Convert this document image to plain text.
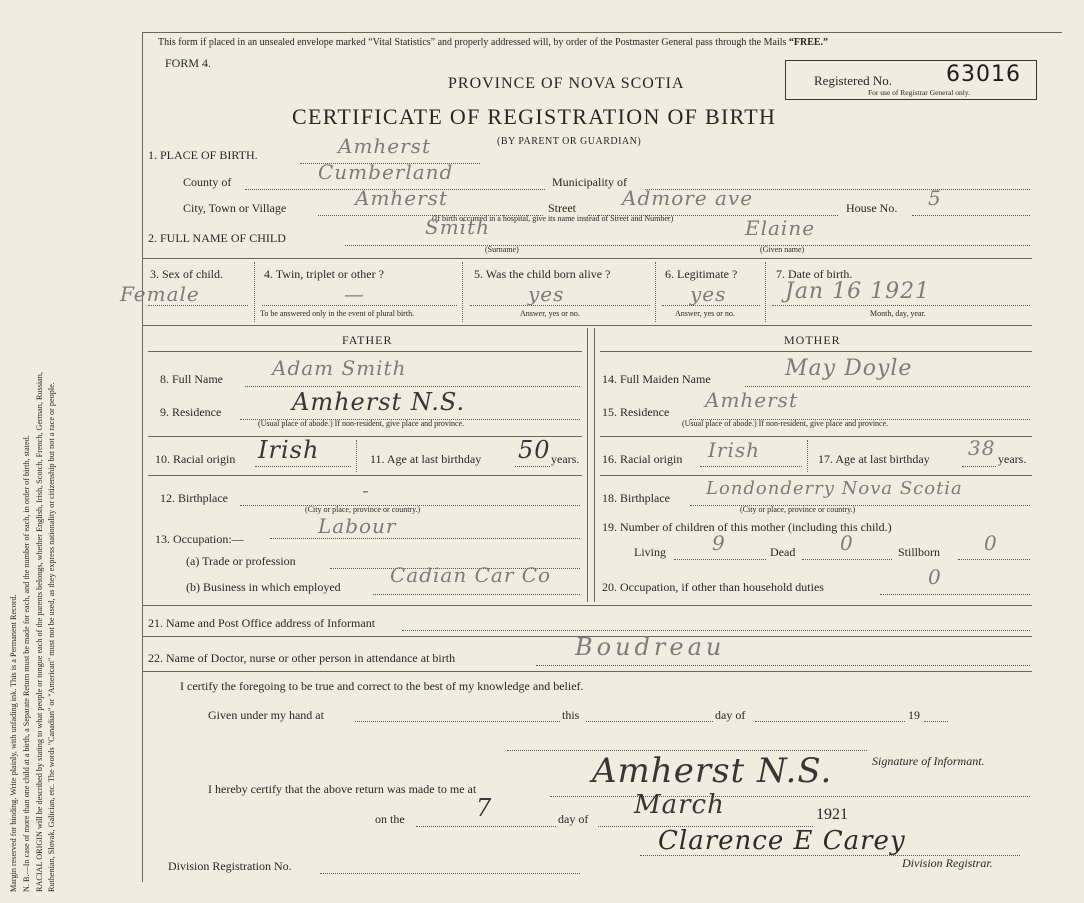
Margin reserved for binding. Write plainly, with unfading ink. This is a Permanent Record. N. B.—In case of more than one child at a birth, a Separate Return must be made for each, and the number of each, in order of birth, stated. RACIAL ORIGIN will be described by stating to what people or tongue each of the parents belongs, whether English, Irish, Scotch, French, German, Russian, Ruthenian, Slovak, Galician, etc. The words "Canadian" or "American" must not be used, as they express nationality or citizenship but not a race or people.
This form if placed in an unsealed envelope marked “Vital Statistics” and properly addressed will, by order of the Postmaster General pass through the Mails “FREE.”
FORM 4.
PROVINCE OF NOVA SCOTIA
CERTIFICATE OF REGISTRATION OF BIRTH
(BY PARENT OR GUARDIAN)
Registered No. 63016
For use of Registrar General only.
1. PLACE OF BIRTH.	Amherst
County of	Cumberland	Municipality of
City, Town or Village	Amherst	Street Admore ave	House No. 5
(If birth occurred in a hospital, give its name instead of Street and Number)
2. FULL NAME OF CHILD	Smith
(Surname)
Elaine
(Given name)
3. Sex of child.
Female
4. Twin, triplet or other ?
—
To be answered only in the event of plural birth.
5. Was the child born alive ?
yes
Answer, yes or no.
6. Legitimate ?
yes
Answer, yes or no.
7. Date of birth.
Jan 16 1921
Month, day, year.
FATHER	MOTHER
8. Full Name Adam Smith
9. Residence	Amherst N.S.
(Usual place of abode.) If non-resident, give place and province.
10. Racial origin Irish	11. Age at last birthday 50 years.
12. Birthplace	-
(City or place, province or country.)
13. Occupation:—
Labour
(a) Trade or profession
(b) Business in which employed Cadian Car Co
14. Full Maiden Name	May Doyle
15. Residence Amherst
(Usual place of abode.) If non-resident, give place and province.
16. Racial origin Irish	17. Age at last birthday 38 years.
18. Birthplace Londonderry Nova Scotia
(City or place, province or country.)
19. Number of children of this mother (including this child.)
Living 9	Dead 0	Stillborn 0
20. Occupation, if other than household duties	0
21. Name and Post Office address of Informant
22. Name of Doctor, nurse or other person in attendance at birth	Boudreau
I certify the foregoing to be true and correct to the best of my knowledge and belief.
Given under my hand at	this	day of	19
Signature of Informant.
I hereby certify that the above return was made to me at	Amherst N.S.
on the	7	day of March	1921
Clarence E Carey
Division Registrar.
Division Registration No.
